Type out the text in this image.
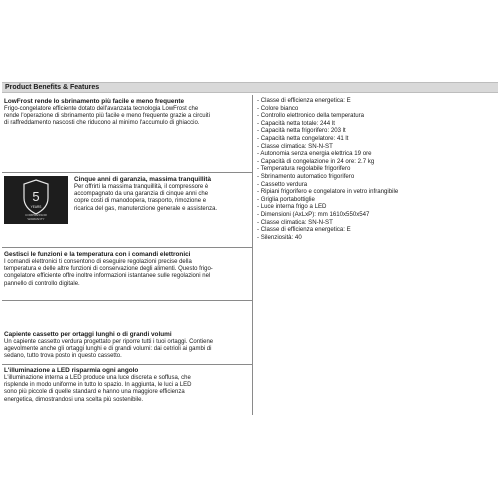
Product Benefits & Features
LowFrost rende lo sbrinamento più facile e meno frequente
Frigo-congelatore efficiente dotato dell'avanzata tecnologia LowFrost che
rende l'operazione di sbrinamento più facile e meno frequente grazie a circuiti
di raffreddamento nascosti che riducono al minimo l'accumulo di ghiaccio.
5
YEARS
COMPRESSOR
WARRANTY
Cinque anni di garanzia, massima tranquillità
Per offrirti la massima tranquillità, il compressore è
accompagnato da una garanzia di cinque anni che
copre costi di manodopera, trasporto, rimozione e
ricarica del gas, manutenzione generale e assistenza.
Gestisci le funzioni e la temperatura con i comandi elettronici
I comandi elettronici ti consentono di eseguire regolazioni precise della
temperatura e delle altre funzioni di conservazione degli alimenti. Questo frigo-
congelatore efficiente offre inoltre informazioni istantanee sulle regolazioni nel
pannello di controllo digitale.
Capiente cassetto per ortaggi lunghi o di grandi volumi
Un capiente cassetto verdura progettato per riporre tutti i tuoi ortaggi. Contiene
agevolmente anche gli ortaggi lunghi e di grandi volumi: dai cetrioli ai gambi di
sedano, tutto trova posto in questo cassetto.
L'illuminazione a LED risparmia ogni angolo
L'illuminazione interna a LED produce una luce discreta e soffusa, che
risplende in modo uniforme in tutto lo spazio. In aggiunta, le luci a LED
sono più piccole di quelle standard e hanno una maggiore efficienza
energetica, dimostrandosi una scelta più sostenibile.
- Classe di efficienza energetica: E
- Colore bianco
- Controllo elettronico della temperatura
- Capacità netta totale: 244 lt
- Capacità netta frigorifero: 203 lt
- Capacità netta congelatore: 41 lt
- Classe climatica: SN-N-ST
- Autonomia senza energia elettrica 19 ore
- Capacità di congelazione in 24 ore: 2.7 kg
- Temperatura regolabile frigorifero
- Sbrinamento automatico frigorifero
- Cassetto verdura
- Ripiani frigorifero e congelatore in vetro infrangibile
- Griglia portabottiglie
- Luce interna frigo a LED
- Dimensioni (AxLxP): mm 1610x550x547
- Classe climatica: SN-N-ST
- Classe di efficienza energetica: E
- Silenziosità: 40
